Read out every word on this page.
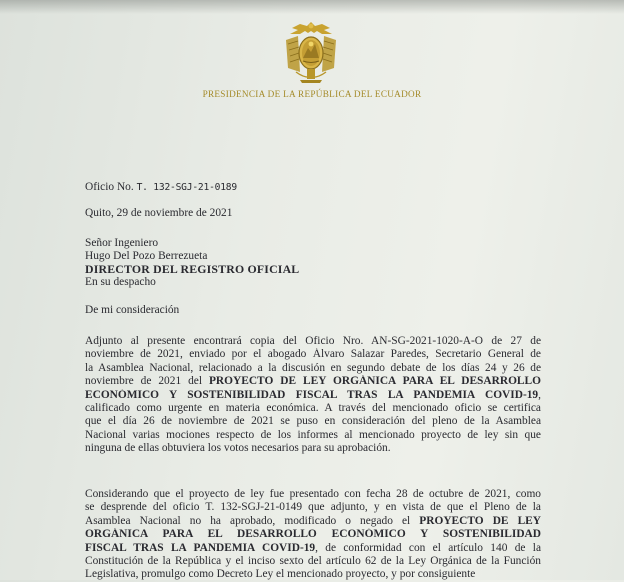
PRESIDENCIA DE LA REPÚBLICA DEL ECUADOR
Oficio No. T. 132-SGJ-21-0189
Quito, 29 de noviembre de 2021
Señor Ingeniero
Hugo Del Pozo Berrezueta
DIRECTOR DEL REGISTRO OFICIAL
En su despacho
De mi consideración
Adjunto al presente encontrará copia del Oficio Nro. AN-SG-2021-1020-A-O de 27 de
noviembre de 2021, enviado por el abogado Álvaro Salazar Paredes, Secretario General de
la Asamblea Nacional, relacionado a la discusión en segundo debate de los días 24 y 26 de
noviembre de 2021 del PROYECTO DE LEY ORGÁNICA PARA EL DESARROLLO
ECONÓMICO Y SOSTENIBILIDAD FISCAL TRAS LA PANDEMIA COVID-19,
calificado como urgente en materia económica. A través del mencionado oficio se certifica
que el día 26 de noviembre de 2021 se puso en consideración del pleno de la Asamblea
Nacional varias mociones respecto de los informes al mencionado proyecto de ley sin que
ninguna de ellas obtuviera los votos necesarios para su aprobación.
Considerando que el proyecto de ley fue presentado con fecha 28 de octubre de 2021, como
se desprende del oficio T. 132-SGJ-21-0149 que adjunto, y en vista de que el Pleno de la
Asamblea Nacional no ha aprobado, modificado o negado el PROYECTO DE LEY
ORGÁNICA PARA EL DESARROLLO ECONÓMICO Y SOSTENIBILIDAD
FISCAL TRAS LA PANDEMIA COVID-19, de conformidad con el artículo 140 de la
Constitución de la República y el inciso sexto del artículo 62 de la Ley Orgánica de la Función
Legislativa, promulgo como Decreto Ley el mencionado proyecto, y por consiguiente
